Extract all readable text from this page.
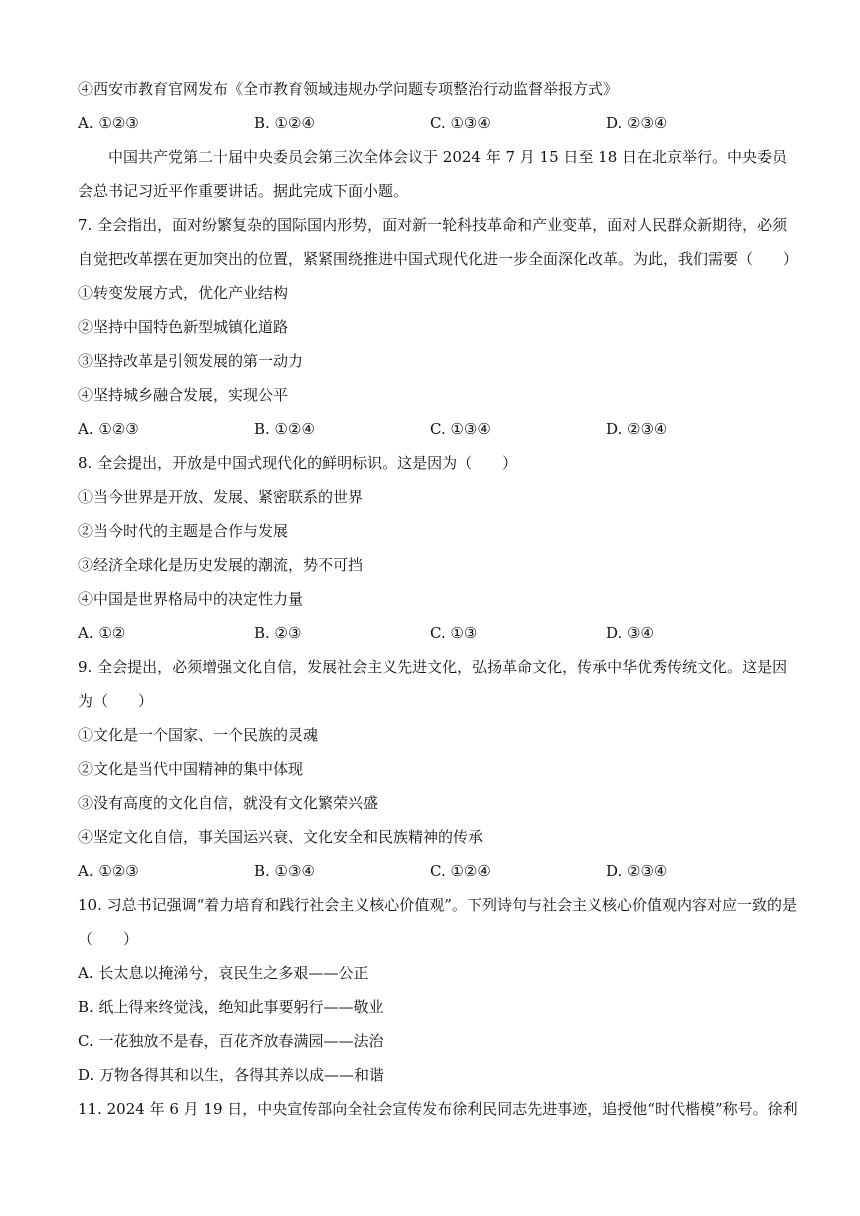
④西安市教育官网发布《全市教育领域违规办学问题专项整治行动监督举报方式》
A. ①②③	B. ①②④	C. ①③④	D. ②③④
中国共产党第二十届中央委员会第三次全体会议于 2024 年 7 月 15 日至 18 日在北京举行。中央委员会总书记习近平作重要讲话。据此完成下面小题。
7. 全会指出，面对纷繁复杂的国际国内形势，面对新一轮科技革命和产业变革，面对人民群众新期待，必须自觉把改革摆在更加突出的位置，紧紧围绕推进中国式现代化进一步全面深化改革。为此，我们需要（　　）
①转变发展方式，优化产业结构
②坚持中国特色新型城镇化道路
③坚持改革是引领发展的第一动力
④坚持城乡融合发展，实现公平
A. ①②③	B. ①②④	C. ①③④	D. ②③④
8. 全会提出，开放是中国式现代化的鲜明标识。这是因为（　　）
①当今世界是开放、发展、紧密联系的世界
②当今时代的主题是合作与发展
③经济全球化是历史发展的潮流，势不可挡
④中国是世界格局中的决定性力量
A. ①②	B. ②③	C. ①③	D. ③④
9. 全会提出，必须增强文化自信，发展社会主义先进文化，弘扬革命文化，传承中华优秀传统文化。这是因为（　　）
①文化是一个国家、一个民族的灵魂
②文化是当代中国精神的集中体现
③没有高度的文化自信，就没有文化繁荣兴盛
④坚定文化自信，事关国运兴衰、文化安全和民族精神的传承
A. ①②③	B. ①③④	C. ①②④	D. ②③④
10. 习总书记强调“着力培育和践行社会主义核心价值观”。下列诗句与社会主义核心价值观内容对应一致的是（　　）
A. 长太息以掩涕兮，哀民生之多艰——公正
B. 纸上得来终觉浅，绝知此事要躬行——敬业
C. 一花独放不是春，百花齐放春满园——法治
D. 万物各得其和以生，各得其养以成——和谐
11. 2024 年 6 月 19 日，中央宣传部向全社会宣传发布徐利民同志先进事迹，追授他“时代楷模”称号。徐利
